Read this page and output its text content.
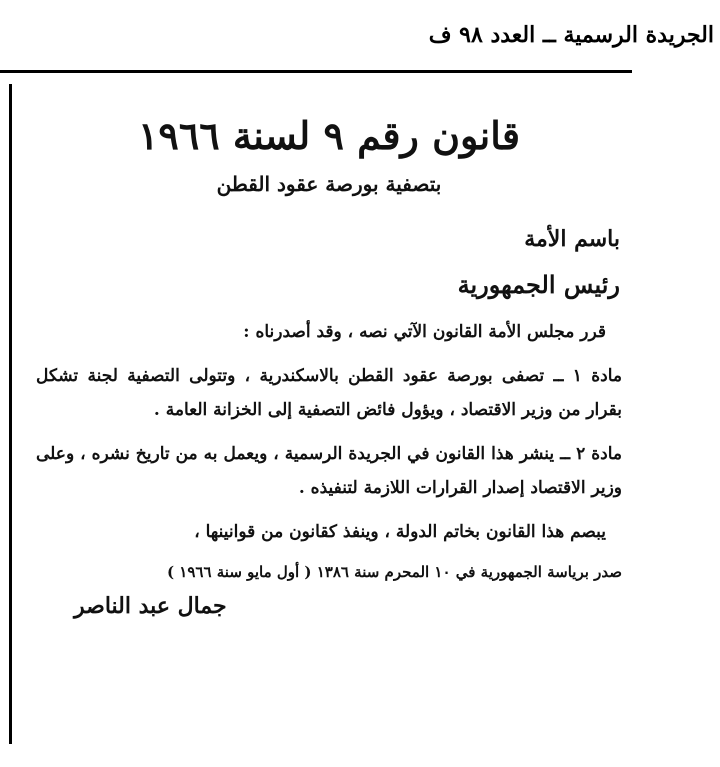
الجريدة الرسمية ــ العدد ٩٨ ف
قانون رقم ٩ لسنة ١٩٦٦
بتصفية بورصة عقود القطن
باسم الأمة
رئيس الجمهورية

قرر مجلس الأمة القانون الآتي نصه ، وقد أصدرناه :

مادة ١ ــ تصفى بورصة عقود القطن بالاسكندرية ، وتتولى التصفية لجنة تشكل بقرار من وزير الاقتصاد ، ويؤول فائض التصفية إلى الخزانة العامة .

مادة ٢ ــ ينشر هذا القانون في الجريدة الرسمية ، ويعمل به من تاريخ نشره ، وعلى وزير الاقتصاد إصدار القرارات اللازمة لتنفيذه .

يبصم هذا القانون بخاتم الدولة ، وينفذ كقانون من قوانينها ،

صدر برياسة الجمهورية في ١٠ المحرم سنة ١٣٨٦ ( أول مايو سنة ١٩٦٦ )
جمال عبد الناصر
